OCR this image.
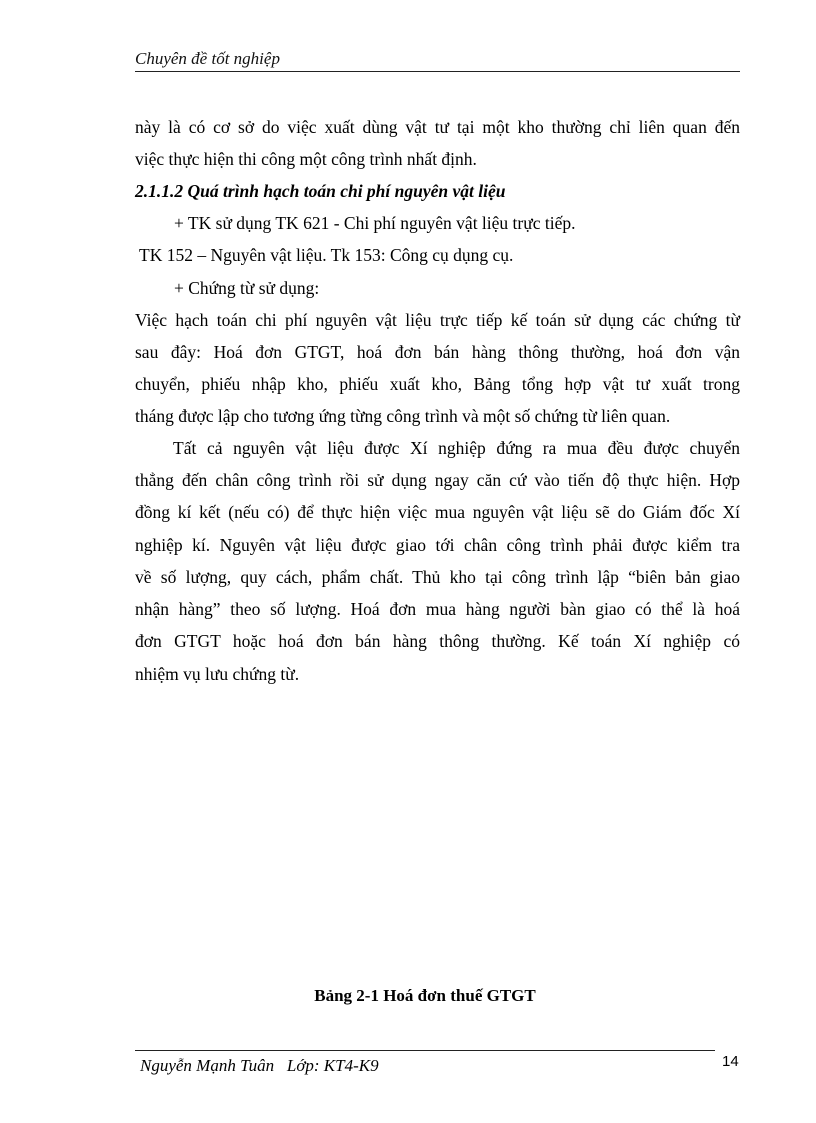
Chuyên đề tốt nghiệp
này là có cơ sở do việc xuất dùng vật tư tại một kho thường chỉ liên quan đến
việc thực hiện thi công một công trình nhất định.
2.1.1.2 Quá trình hạch toán chi phí nguyên vật liệu
+ TK sử dụng TK 621 - Chi phí nguyên vật liệu trực tiếp.
TK 152 – Nguyên vật liệu. Tk 153: Công cụ dụng cụ.
+ Chứng từ sử dụng:
Việc hạch toán chi phí nguyên vật liệu trực tiếp kế toán sử dụng các chứng từ
sau đây: Hoá đơn GTGT, hoá đơn bán hàng thông thường, hoá đơn vận
chuyển, phiếu nhập kho, phiếu xuất kho, Bảng tổng hợp vật tư xuất trong
tháng được lập cho tương ứng từng công trình và một số chứng từ liên quan.
Tất cả nguyên vật liệu được Xí nghiệp đứng ra mua đều được chuyển
thẳng đến chân công trình rồi sử dụng ngay căn cứ vào tiến độ thực hiện. Hợp
đồng kí kết (nếu có) để thực hiện việc mua nguyên vật liệu sẽ do Giám đốc Xí
nghiệp kí. Nguyên vật liệu được giao tới chân công trình phải được kiểm tra
về số lượng, quy cách, phẩm chất. Thủ kho tại công trình lập “biên bản giao
nhận hàng” theo số lượng. Hoá đơn mua hàng người bàn giao có thể là hoá
đơn GTGT hoặc hoá đơn bán hàng thông thường. Kế toán Xí nghiệp có
nhiệm vụ lưu chứng từ.
Bảng 2-1 Hoá đơn thuế GTGT
Nguyễn Mạnh Tuân Lớp: KT4-K9	14
